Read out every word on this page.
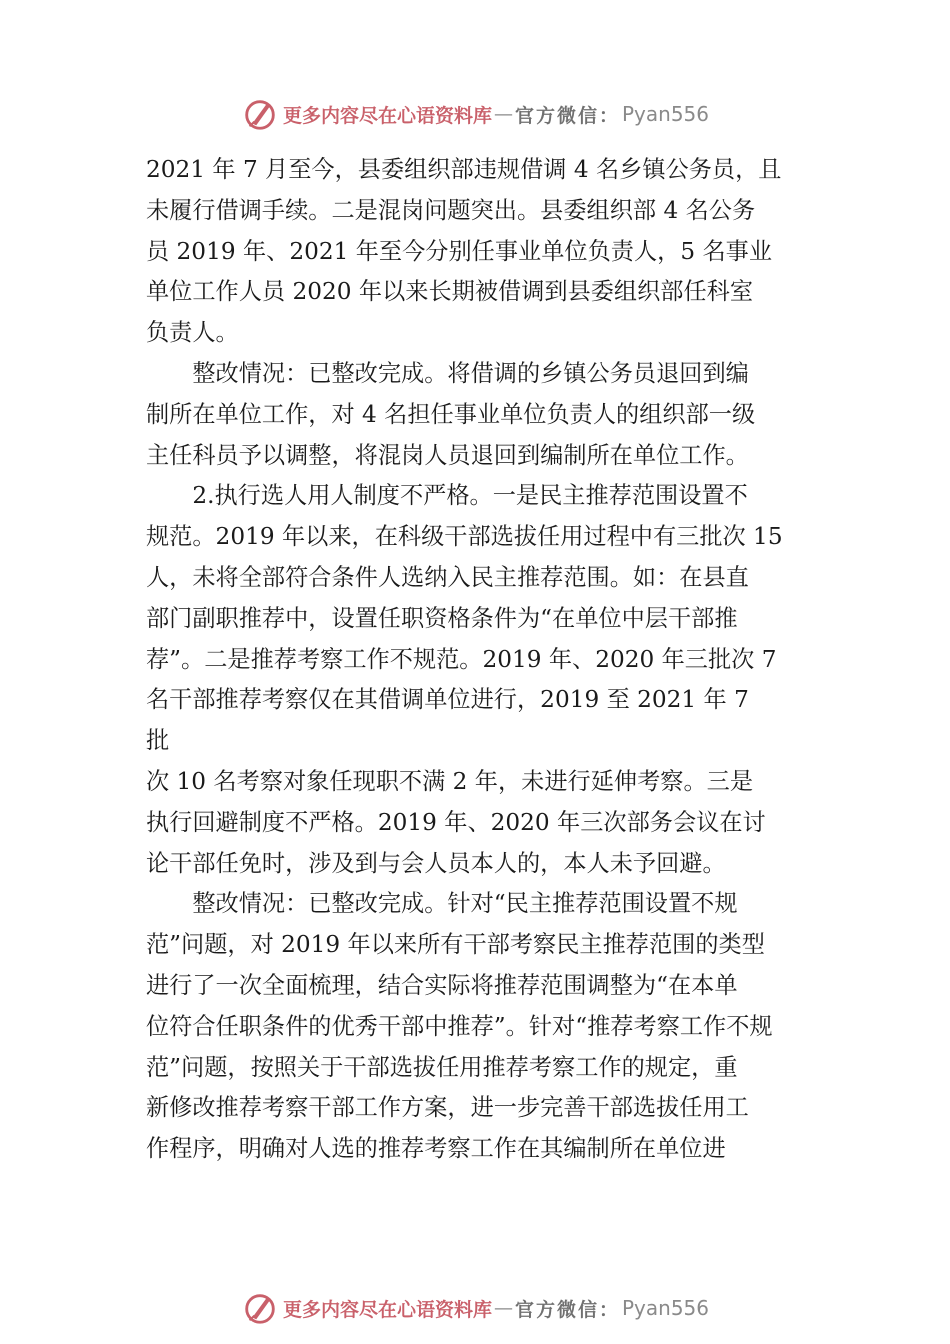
更多内容尽在心语资料库 — 官方微信： Pyan556
2021 年 7 月至今，县委组织部违规借调 4 名乡镇公务员，且
未履行借调手续。二是混岗问题突出。县委组织部 4 名公务
员 2019 年、2021 年至今分别任事业单位负责人，5 名事业
单位工作人员 2020 年以来长期被借调到县委组织部任科室
负责人。
　　整改情况：已整改完成。将借调的乡镇公务员退回到编
制所在单位工作，对 4 名担任事业单位负责人的组织部一级
主任科员予以调整，将混岗人员退回到编制所在单位工作。
　　2.执行选人用人制度不严格。一是民主推荐范围设置不
规范。2019 年以来，在科级干部选拔任用过程中有三批次 15
人，未将全部符合条件人选纳入民主推荐范围。如：在县直
部门副职推荐中，设置任职资格条件为“在单位中层干部推
荐”。二是推荐考察工作不规范。2019 年、2020 年三批次 7
名干部推荐考察仅在其借调单位进行，2019 至 2021 年 7
批
次 10 名考察对象任现职不满 2 年，未进行延伸考察。三是
执行回避制度不严格。2019 年、2020 年三次部务会议在讨
论干部任免时，涉及到与会人员本人的，本人未予回避。
　　整改情况：已整改完成。针对“民主推荐范围设置不规
范”问题，对 2019 年以来所有干部考察民主推荐范围的类型
进行了一次全面梳理，结合实际将推荐范围调整为“在本单
位符合任职条件的优秀干部中推荐”。针对“推荐考察工作不规
范”问题，按照关于干部选拔任用推荐考察工作的规定，重
新修改推荐考察干部工作方案，进一步完善干部选拔任用工
作程序，明确对人选的推荐考察工作在其编制所在单位进
更多内容尽在心语资料库 — 官方微信： Pyan556
